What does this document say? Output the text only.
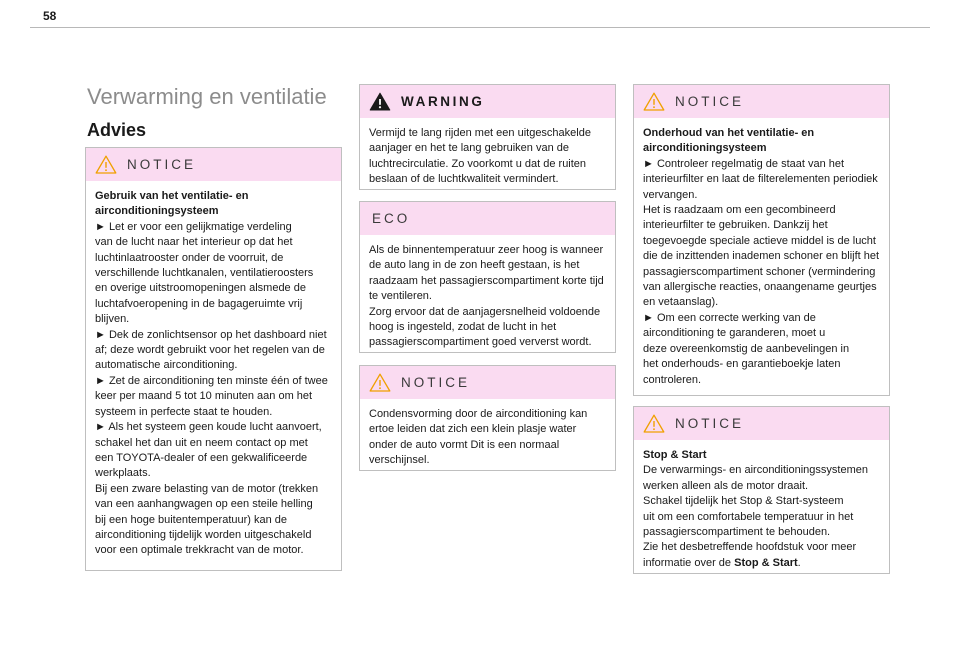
58
Verwarming en ventilatie
Advies
NOTICE

Gebruik van het ventilatie- en airconditioningsysteem

► Let er voor een gelijkmatige verdeling

van de lucht naar het interieur op dat het

luchtinlaatrooster onder de voorruit, de

verschillende luchtkanalen, ventilatieroosters

en overige uitstroomopeningen alsmede de

luchtafvoeropening in de bagageruimte vrij

blijven.

► Dek de zonlichtsensor op het dashboard niet

af; deze wordt gebruikt voor het regelen van de

automatische airconditioning.

► Zet de airconditioning ten minste één of twee

keer per maand 5 tot 10 minuten aan om het

systeem in perfecte staat te houden.

► Als het systeem geen koude lucht aanvoert,

schakel het dan uit en neem contact op met

een TOYOTA-dealer of een gekwalificeerde

werkplaats.

Bij een zware belasting van de motor (trekken

van een aanhangwagen op een steile helling

bij een hoge buitentemperatuur) kan de

airconditioning tijdelijk worden uitgeschakeld

voor een optimale trekkracht van de motor.

WARNING

Vermijd te lang rijden met een uitgeschakelde

aanjager en het te lang gebruiken van de

luchtrecirculatie. Zo voorkomt u dat de ruiten

beslaan of de luchtkwaliteit vermindert.

ECO

Als de binnentemperatuur zeer hoog is wanneer

de auto lang in de zon heeft gestaan, is het

raadzaam het passagierscompartiment korte tijd

te ventileren.

Zorg ervoor dat de aanjagersnelheid voldoende

hoog is ingesteld, zodat de lucht in het

passagierscompartiment goed ververst wordt.

NOTICE

Condensvorming door de airconditioning kan

ertoe leiden dat zich een klein plasje water

onder de auto vormt Dit is een normaal

verschijnsel.

NOTICE

Onderhoud van het ventilatie- en airconditioningsysteem

► Controleer regelmatig de staat van het

interieurfilter en laat de filterelementen periodiek

vervangen.

Het is raadzaam om een gecombineerd

interieurfilter te gebruiken. Dankzij het

toegevoegde speciale actieve middel is de lucht

die de inzittenden inademen schoner en blijft het

passagierscompartiment schoner (vermindering

van allergische reacties, onaangename geurtjes

en vetaanslag).

► Om een correcte werking van de

airconditioning te garanderen, moet u

deze overeenkomstig de aanbevelingen in

het onderhouds- en garantieboekje laten

controleren.

NOTICE

Stop & Start

De verwarmings- en airconditioningssystemen

werken alleen als de motor draait.

Schakel tijdelijk het Stop & Start-systeem

uit om een comfortabele temperatuur in het

passagierscompartiment te behouden.

Zie het desbetreffende hoofdstuk voor meer

informatie over de Stop & Start.
